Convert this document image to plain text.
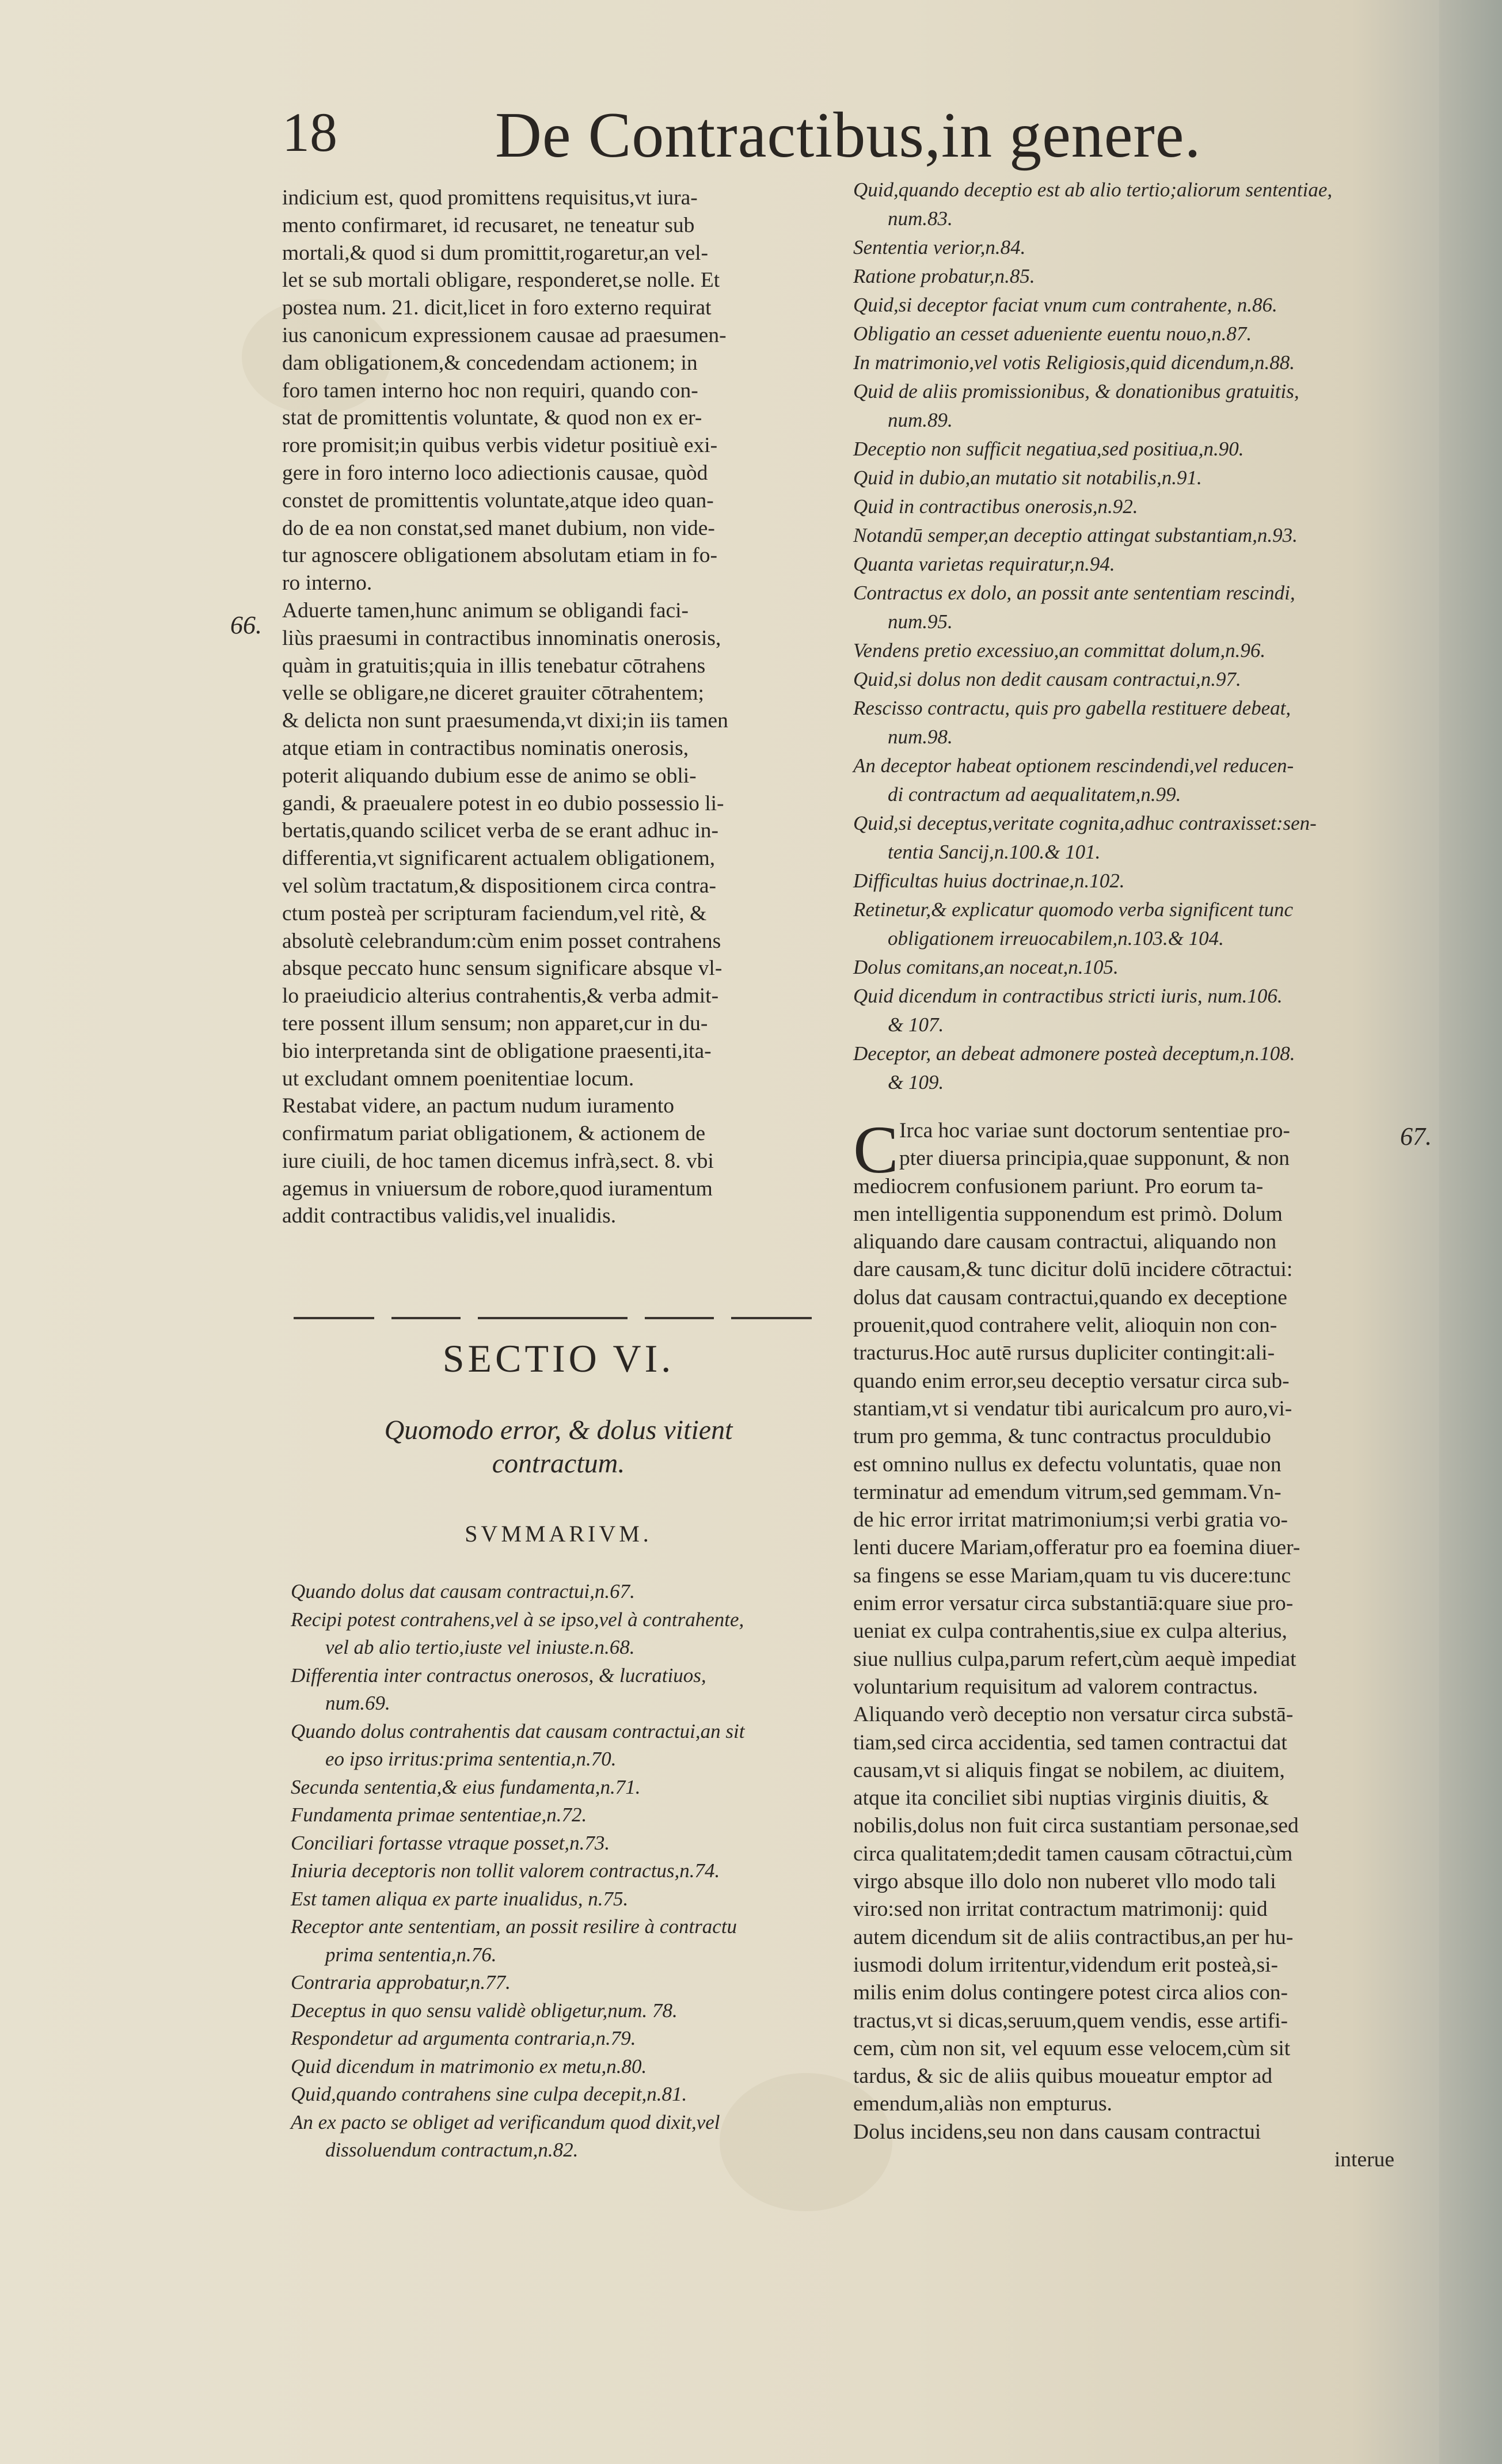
18 De Contractibus,in genere.
66.
67.
indicium est, quod promittens requisitus,vt iura-
mento confirmaret, id recusaret, ne teneatur sub
mortali,& quod si dum promittit,rogaretur,an vel-
let se sub mortali obligare, responderet,se nolle. Et
postea num. 21. dicit,licet in foro externo requirat
ius canonicum expressionem causae ad praesumen-
dam obligationem,& concedendam actionem; in
foro tamen interno hoc non requiri, quando con-
stat de promittentis voluntate, & quod non ex er-
rore promisit;in quibus verbis videtur positiuè exi-
gere in foro interno loco adiectionis causae, quòd
constet de promittentis voluntate,atque ideo quan-
do de ea non constat,sed manet dubium, non vide-
tur agnoscere obligationem absolutam etiam in fo-
ro interno.
Aduerte tamen,hunc animum se obligandi faci-
liùs praesumi in contractibus innominatis onerosis,
quàm in gratuitis;quia in illis tenebatur cōtrahens
velle se obligare,ne diceret grauiter cōtrahentem;
& delicta non sunt praesumenda,vt dixi;in iis tamen
atque etiam in contractibus nominatis onerosis,
poterit aliquando dubium esse de animo se obli-
gandi, & praeualere potest in eo dubio possessio li-
bertatis,quando scilicet verba de se erant adhuc in-
differentia,vt significarent actualem obligationem,
vel solùm tractatum,& dispositionem circa contra-
ctum posteà per scripturam faciendum,vel ritè, &
absolutè celebrandum:cùm enim posset contrahens
absque peccato hunc sensum significare absque vl-
lo praeiudicio alterius contrahentis,& verba admit-
tere possent illum sensum; non apparet,cur in du-
bio interpretanda sint de obligatione praesenti,ita-
ut excludant omnem poenitentiae locum.
Restabat videre, an pactum nudum iuramento
confirmatum pariat obligationem, & actionem de
iure ciuili, de hoc tamen dicemus infrà,sect. 8. vbi
agemus in vniuersum de robore,quod iuramentum
addit contractibus validis,vel inualidis.
SECTIO VI.
Quomodo error, & dolus vitient
contractum.
SVMMARIVM.
Quando dolus dat causam contractui,n.67.
Recipi potest contrahens,vel à se ipso,vel à contrahente,
vel ab alio tertio,iuste vel iniuste.n.68.
Differentia inter contractus onerosos, & lucratiuos,
num.69.
Quando dolus contrahentis dat causam contractui,an sit
eo ipso irritus:prima sententia,n.70.
Secunda sententia,& eius fundamenta,n.71.
Fundamenta primae sententiae,n.72.
Conciliari fortasse vtraque posset,n.73.
Iniuria deceptoris non tollit valorem contractus,n.74.
Est tamen aliqua ex parte inualidus, n.75.
Receptor ante sententiam, an possit resilire à contractu
prima sententia,n.76.
Contraria approbatur,n.77.
Deceptus in quo sensu validè obligetur,num. 78.
Respondetur ad argumenta contraria,n.79.
Quid dicendum in matrimonio ex metu,n.80.
Quid,quando contrahens sine culpa decepit,n.81.
An ex pacto se obliget ad verificandum quod dixit,vel
dissoluendum contractum,n.82.
Quid,quando deceptio est ab alio tertio;aliorum sententiae,
num.83.
Sententia verior,n.84.
Ratione probatur,n.85.
Quid,si deceptor faciat vnum cum contrahente, n.86.
Obligatio an cesset adueniente euentu nouo,n.87.
In matrimonio,vel votis Religiosis,quid dicendum,n.88.
Quid de aliis promissionibus, & donationibus gratuitis,
num.89.
Deceptio non sufficit negatiua,sed positiua,n.90.
Quid in dubio,an mutatio sit notabilis,n.91.
Quid in contractibus onerosis,n.92.
Notandū semper,an deceptio attingat substantiam,n.93.
Quanta varietas requiratur,n.94.
Contractus ex dolo, an possit ante sententiam rescindi,
num.95.
Vendens pretio excessiuo,an committat dolum,n.96.
Quid,si dolus non dedit causam contractui,n.97.
Rescisso contractu, quis pro gabella restituere debeat,
num.98.
An deceptor habeat optionem rescindendi,vel reducen-
di contractum ad aequalitatem,n.99.
Quid,si deceptus,veritate cognita,adhuc contraxisset:sen-
tentia Sancij,n.100.& 101.
Difficultas huius doctrinae,n.102.
Retinetur,& explicatur quomodo verba significent tunc
obligationem irreuocabilem,n.103.& 104.
Dolus comitans,an noceat,n.105.
Quid dicendum in contractibus stricti iuris, num.106.
& 107.
Deceptor, an debeat admonere posteà deceptum,n.108.
& 109.
C Irca hoc variae sunt doctorum sententiae pro-
pter diuersa principia,quae supponunt, & non
mediocrem confusionem pariunt. Pro eorum ta-
men intelligentia supponendum est primò. Dolum
aliquando dare causam contractui, aliquando non
dare causam,& tunc dicitur dolū incidere cōtractui:
dolus dat causam contractui,quando ex deceptione
prouenit,quod contrahere velit, alioquin non con-
tracturus.Hoc autē rursus dupliciter contingit:ali-
quando enim error,seu deceptio versatur circa sub-
stantiam,vt si vendatur tibi auricalcum pro auro,vi-
trum pro gemma, & tunc contractus proculdubio
est omnino nullus ex defectu voluntatis, quae non
terminatur ad emendum vitrum,sed gemmam.Vn-
de hic error irritat matrimonium;si verbi gratia vo-
lenti ducere Mariam,offeratur pro ea foemina diuer-
sa fingens se esse Mariam,quam tu vis ducere:tunc
enim error versatur circa substantiā:quare siue pro-
ueniat ex culpa contrahentis,siue ex culpa alterius,
siue nullius culpa,parum refert,cùm aequè impediat
voluntarium requisitum ad valorem contractus.
Aliquando verò deceptio non versatur circa substā-
tiam,sed circa accidentia, sed tamen contractui dat
causam,vt si aliquis fingat se nobilem, ac diuitem,
atque ita conciliet sibi nuptias virginis diuitis, &
nobilis,dolus non fuit circa sustantiam personae,sed
circa qualitatem;dedit tamen causam cōtractui,cùm
virgo absque illo dolo non nuberet vllo modo tali
viro:sed non irritat contractum matrimonij: quid
autem dicendum sit de aliis contractibus,an per hu-
iusmodi dolum irritentur,videndum erit posteà,si-
milis enim dolus contingere potest circa alios con-
tractus,vt si dicas,seruum,quem vendis, esse artifi-
cem, cùm non sit, vel equum esse velocem,cùm sit
tardus, & sic de aliis quibus moueatur emptor ad
emendum,aliàs non empturus.
Dolus incidens,seu non dans causam contractui
interue
